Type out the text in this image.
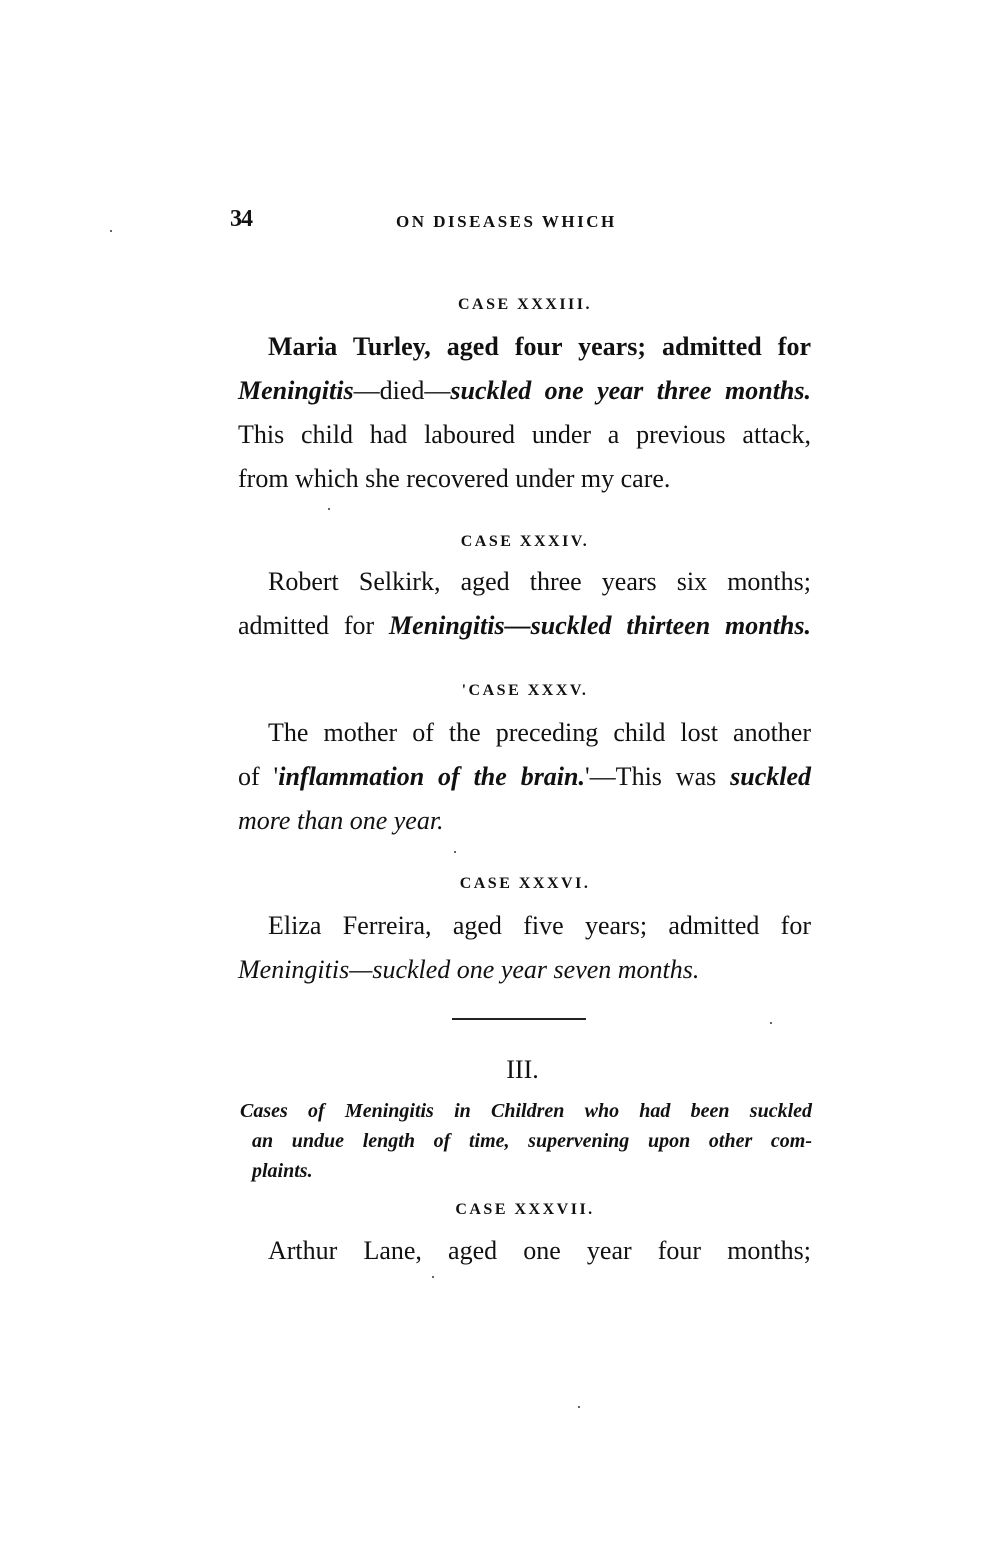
34	ON DISEASES WHICH
CASE XXXIII.
Maria Turley, aged four years; admitted for
Meningitis—died—suckled one year three months.
This child had laboured under a previous attack,
from which she recovered under my care.
CASE XXXIV.
Robert Selkirk, aged three years six months;
admitted for Meningitis—suckled thirteen months.
'CASE XXXV.
The mother of the preceding child lost another
of 'inflammation of the brain.'—This was suckled
more than one year.
CASE XXXVI.
Eliza Ferreira, aged five years; admitted for
Meningitis—suckled one year seven months.
III.
Cases of Meningitis in Children who had been suckled
an undue length of time, supervening upon other com-
plaints.
CASE XXXVII.
Arthur Lane, aged one year four months;
